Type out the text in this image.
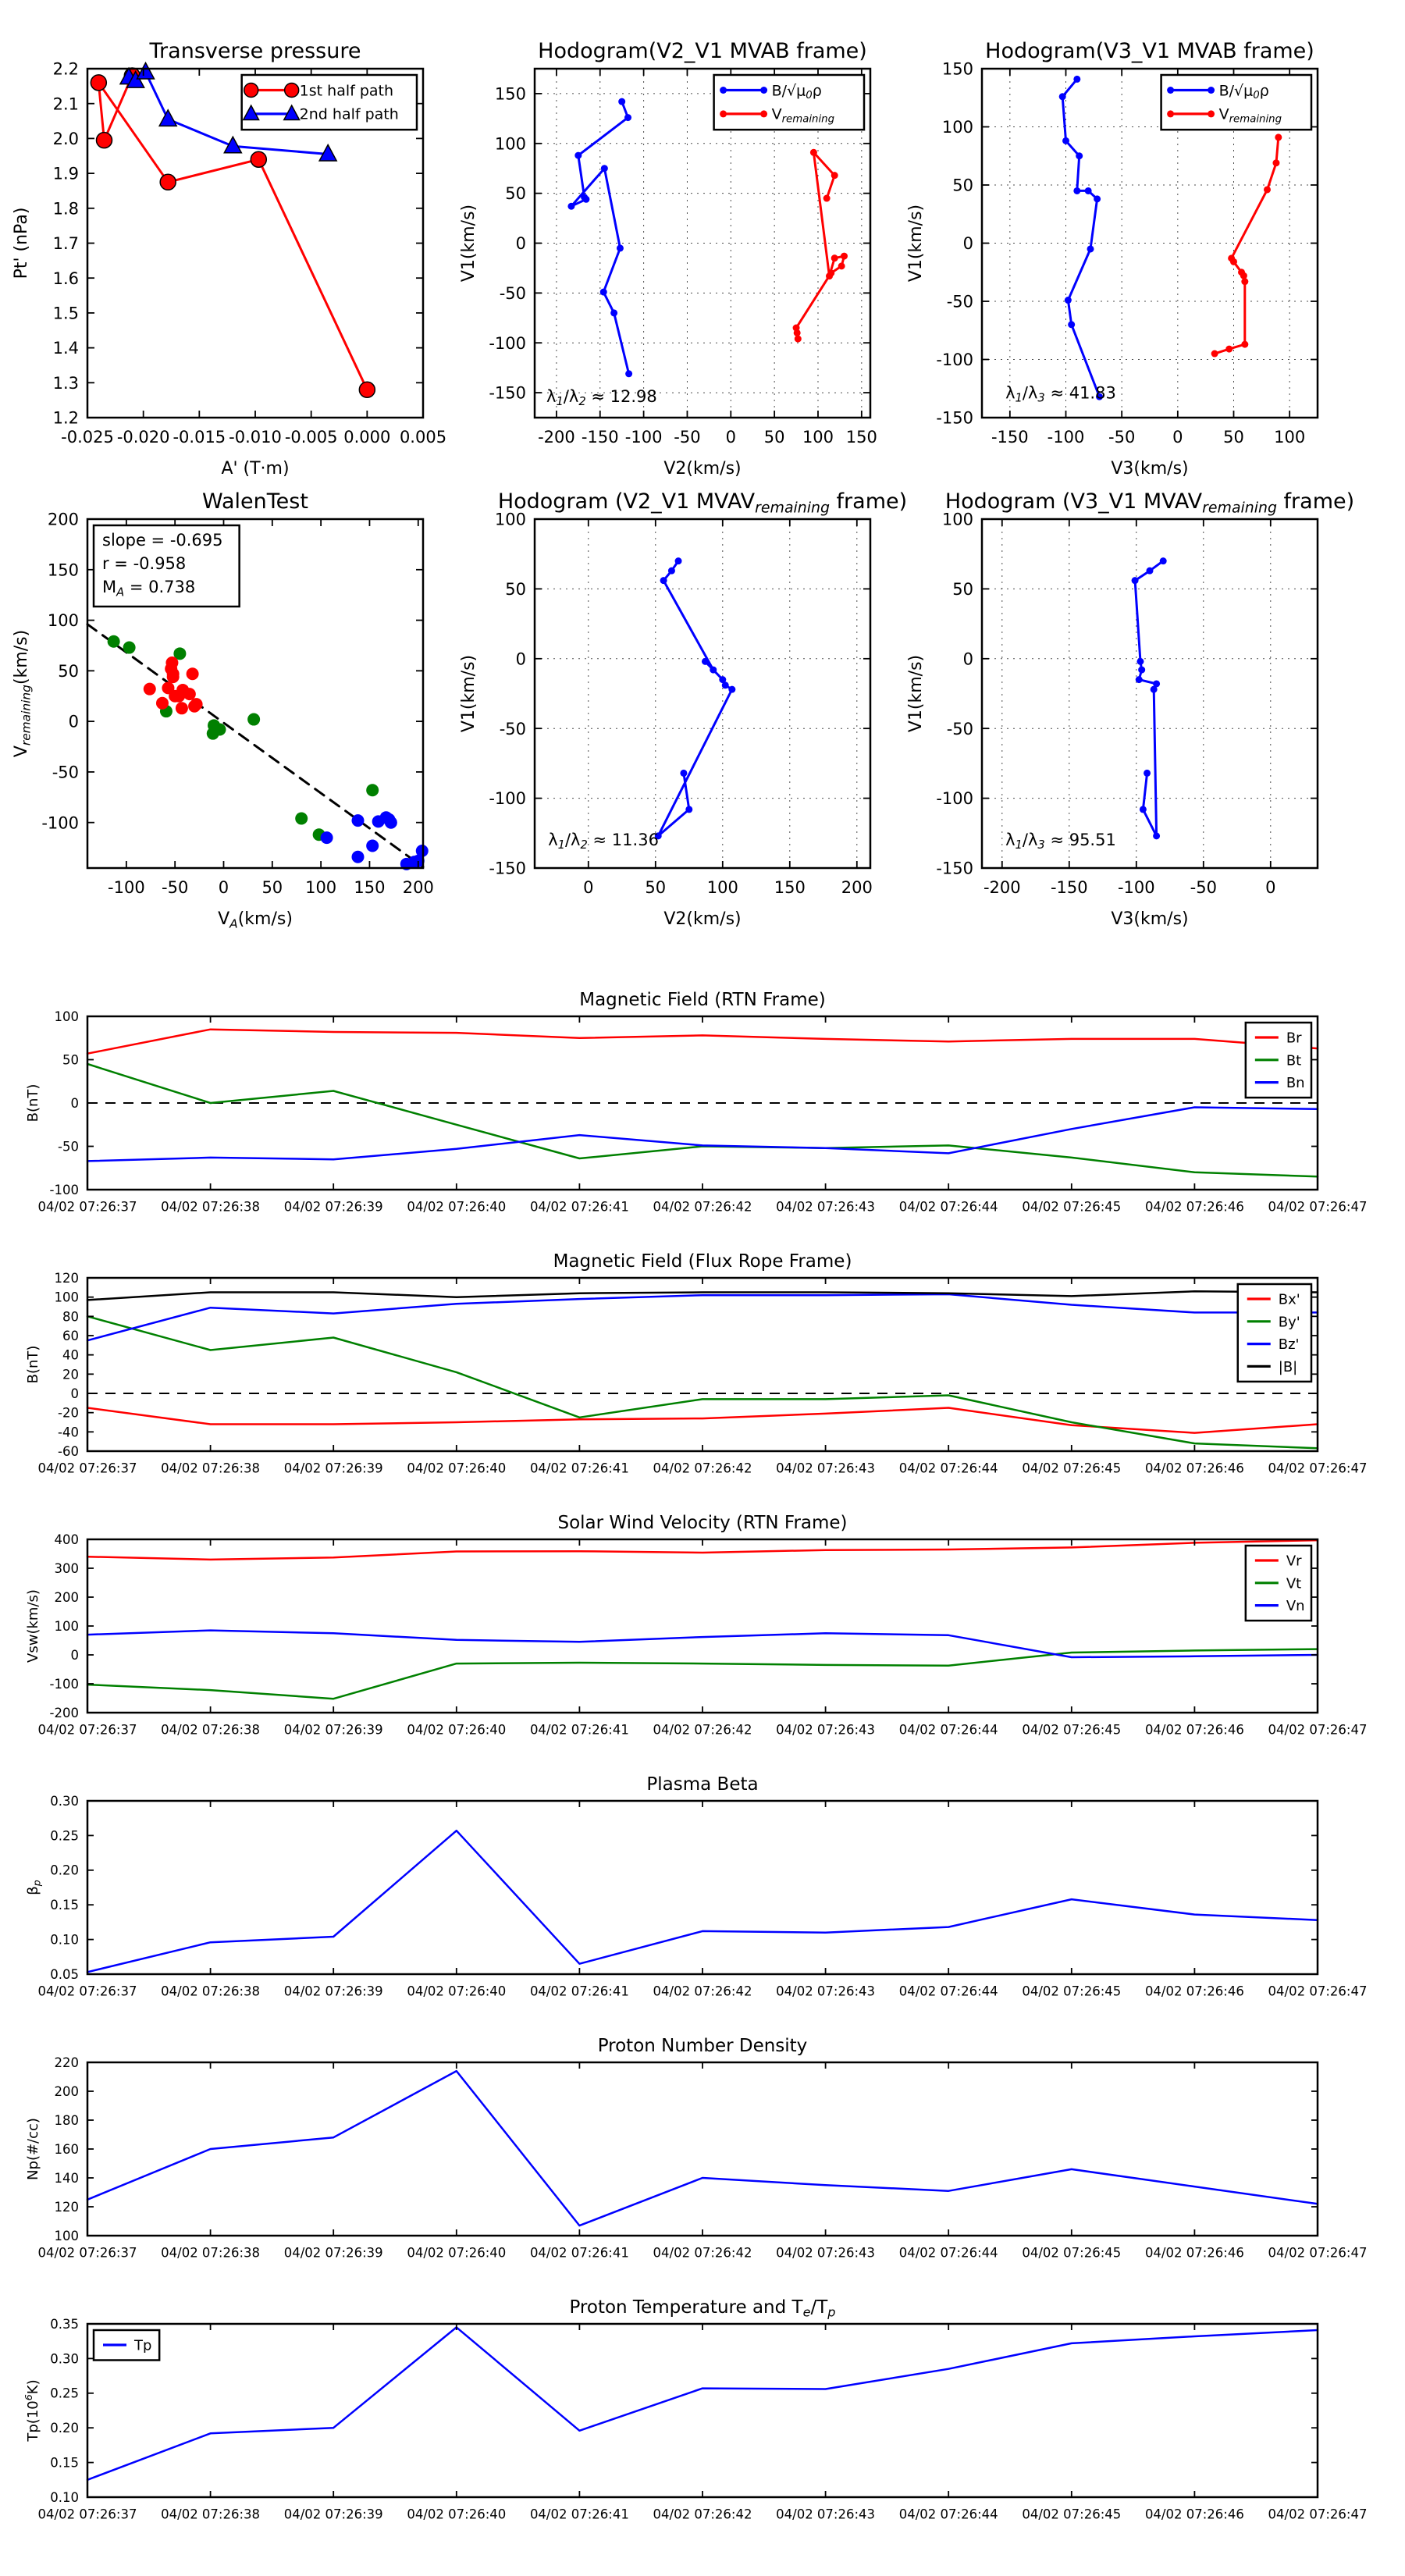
Transverse pressure
-0.025 -0.020 -0.015 -0.010 -0.005 0.000 0.005
1.2
1.3
1.4
1.5
1.6
1.7
1.8
1.9
2.0
2.1
2.2
A' (T·m)
Pt' (nPa)
1st half path
2nd half path
Hodogram(V2_V1 MVAB frame)
-200 -150 -100 -50 0 50 100 150
-150
-100
-50
0
50
100
150
V2(km/s)
V1(km/s)
$B/√\mu_0\rho$
$V_{remaining}$
$\lambda_1/\lambda_2 \approx 12.98$
Hodogram(V3_V1 MVAB frame)
-150 -100 -50 0 50 100
-150
-100
-50
0
50
100
150
V3(km/s)
V1(km/s)
$B/√\mu_0\rho$
$V_{remaining}$
$\lambda_1/\lambda_3 \approx 41.83$
WalenTest
-100 -50 0 50 100 150 200
-100
-50
0
50
100
150
200
$V_A(km/s)$
$V_{remaining}(km/s)$
slope = -0.695
r = -0.958
$M_A = 0.738$
Hodogram (V2_V1 $MVAV_{remaining}$ frame)
0	50	100 150 200
-150
-100
-50
0
50
100
V2(km/s)
V1(km/s)
$\lambda_1/\lambda_2 \approx 11.36$
Hodogram (V3_V1 $MVAV_{remaining}$ frame)
-200 -150 -100 -50	0
-150
-100
-50
0
50
100
V3(km/s)
V1(km/s)
$\lambda_1/\lambda_3 \approx 95.51$
Magnetic Field (RTN Frame)
04/02 07:26:37 04/02 07:26:38 04/02 07:26:39 04/02 07:26:40 04/02 07:26:41 04/02 07:26:42 04/02 07:26:43 04/02 07:26:44 04/02 07:26:45 04/02 07:26:46 04/02 07:26:47
-100
-50
0
50
100
B(nT)
Br
Bt
Bn
Magnetic Field (Flux Rope Frame)
04/02 07:26:37 04/02 07:26:38 04/02 07:26:39 04/02 07:26:40 04/02 07:26:41 04/02 07:26:42 04/02 07:26:43 04/02 07:26:44 04/02 07:26:45 04/02 07:26:46 04/02 07:26:47
-60
-40
-20
0
20
40
60
80
100
120
B(nT)
Bx'
By'
Bz'
|B|
Solar Wind Velocity (RTN Frame)
04/02 07:26:37 04/02 07:26:38 04/02 07:26:39 04/02 07:26:40 04/02 07:26:41 04/02 07:26:42 04/02 07:26:43 04/02 07:26:44 04/02 07:26:45 04/02 07:26:46 04/02 07:26:47
-200
-100
0
100
200
300
400
Vsw(km/s)
Vr
Vt
Vn
Plasma Beta
04/02 07:26:37 04/02 07:26:38 04/02 07:26:39 04/02 07:26:40 04/02 07:26:41 04/02 07:26:42 04/02 07:26:43 04/02 07:26:44 04/02 07:26:45 04/02 07:26:46 04/02 07:26:47
0.05
0.10
0.15
0.20
0.25
0.30
$\beta_p$
Proton Number Density
04/02 07:26:37 04/02 07:26:38 04/02 07:26:39 04/02 07:26:40 04/02 07:26:41 04/02 07:26:42 04/02 07:26:43 04/02 07:26:44 04/02 07:26:45 04/02 07:26:46 04/02 07:26:47
100
120
140
160
180
200
220
Np(#/cc)
Proton Temperature and $T_e/T_p$
04/02 07:26:37 04/02 07:26:38 04/02 07:26:39 04/02 07:26:40 04/02 07:26:41 04/02 07:26:42 04/02 07:26:43 04/02 07:26:44 04/02 07:26:45 04/02 07:26:46 04/02 07:26:47
0.10
0.15
0.20
0.25
0.30
0.35
$Tp(10^6K)$
Tp
